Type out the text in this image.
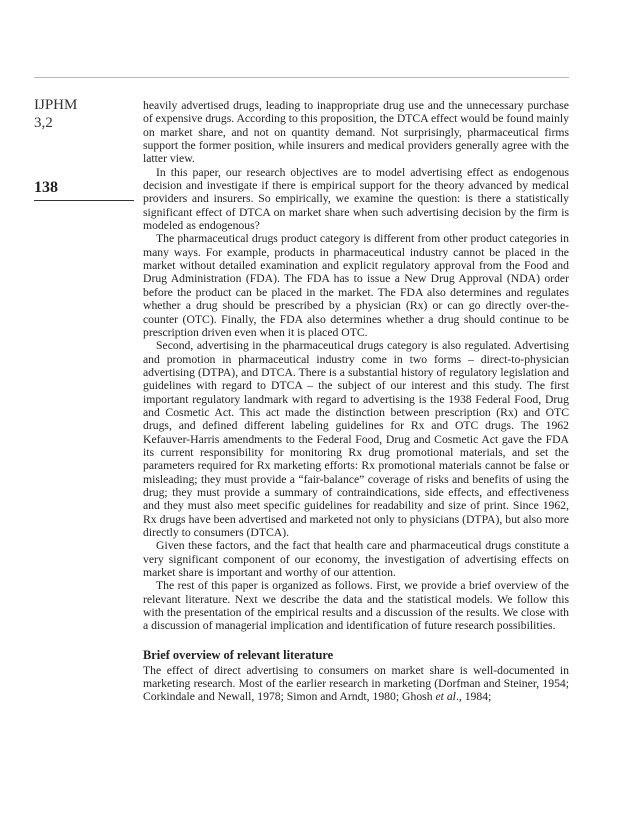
IJPHM
3,2
138

heavily advertised drugs, leading to inappropriate drug use and the unnecessary purchase of expensive drugs. According to this proposition, the DTCA effect would be found mainly on market share, and not on quantity demand. Not surprisingly, pharmaceutical firms support the former position, while insurers and medical providers generally agree with the latter view.

In this paper, our research objectives are to model advertising effect as endogenous decision and investigate if there is empirical support for the theory advanced by medical providers and insurers. So empirically, we examine the question: is there a statistically significant effect of DTCA on market share when such advertising decision by the firm is modeled as endogenous?

The pharmaceutical drugs product category is different from other product categories in many ways. For example, products in pharmaceutical industry cannot be placed in the market without detailed examination and explicit regulatory approval from the Food and Drug Administration (FDA). The FDA has to issue a New Drug Approval (NDA) order before the product can be placed in the market. The FDA also determines and regulates whether a drug should be prescribed by a physician (Rx) or can go directly over-the-counter (OTC). Finally, the FDA also determines whether a drug should continue to be prescription driven even when it is placed OTC.

Second, advertising in the pharmaceutical drugs category is also regulated. Advertising and promotion in pharmaceutical industry come in two forms – direct-to-physician advertising (DTPA), and DTCA. There is a substantial history of regulatory legislation and guidelines with regard to DTCA – the subject of our interest and this study. The first important regulatory landmark with regard to advertising is the 1938 Federal Food, Drug and Cosmetic Act. This act made the distinction between prescription (Rx) and OTC drugs, and defined different labeling guidelines for Rx and OTC drugs. The 1962 Kefauver-Harris amendments to the Federal Food, Drug and Cosmetic Act gave the FDA its current responsibility for monitoring Rx drug promotional materials, and set the parameters required for Rx marketing efforts: Rx promotional materials cannot be false or misleading; they must provide a “fair-balance” coverage of risks and benefits of using the drug; they must provide a summary of contraindications, side effects, and effectiveness and they must also meet specific guidelines for readability and size of print. Since 1962, Rx drugs have been advertised and marketed not only to physicians (DTPA), but also more directly to consumers (DTCA).

Given these factors, and the fact that health care and pharmaceutical drugs constitute a very significant component of our economy, the investigation of advertising effects on market share is important and worthy of our attention.

The rest of this paper is organized as follows. First, we provide a brief overview of the relevant literature. Next we describe the data and the statistical models. We follow this with the presentation of the empirical results and a discussion of the results. We close with a discussion of managerial implication and identification of future research possibilities.

Brief overview of relevant literature

The effect of direct advertising to consumers on market share is well-documented in marketing research. Most of the earlier research in marketing (Dorfman and Steiner, 1954; Corkindale and Newall, 1978; Simon and Arndt, 1980; Ghosh et al., 1984;
